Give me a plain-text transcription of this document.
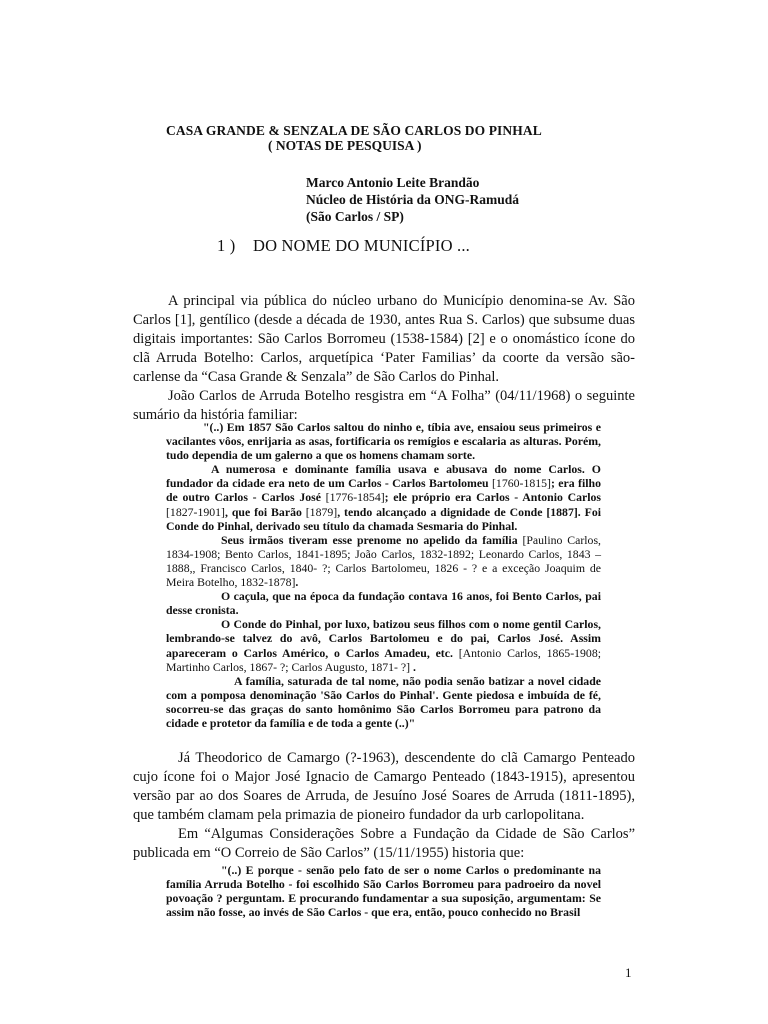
CASA GRANDE & SENZALA DE SÃO CARLOS DO PINHAL
( NOTAS DE PESQUISA )
Marco Antonio Leite Brandão
Núcleo de História da ONG-Ramudá
(São Carlos / SP)
1 ) DO NOME DO MUNICÍPIO ...

A principal via pública do núcleo urbano do Município denomina-se Av. São Carlos [1], gentílico (desde a década de 1930, antes Rua S. Carlos) que subsume duas digitais importantes: São Carlos Borromeu (1538-1584) [2] e o onomástico ícone do clã Arruda Botelho: Carlos, arquetípica ‘Pater Familias’ da coorte da versão são-carlense da “Casa Grande & Senzala” de São Carlos do Pinhal.

João Carlos de Arruda Botelho resgistra em “A Folha” (04/11/1968) o seguinte sumário da história familiar:

"(..) Em 1857 São Carlos saltou do ninho e, tíbia ave, ensaiou seus primeiros e vacilantes vôos, enrijaria as asas, fortificaria os remígios e escalaria as alturas. Porém, tudo dependia de um galerno a que os homens chamam sorte.

A numerosa e dominante família usava e abusava do nome Carlos. O fundador da cidade era neto de um Carlos - Carlos Bartolomeu [1760-1815]; era filho de outro Carlos - Carlos José [1776-1854]; ele próprio era Carlos - Antonio Carlos [1827-1901], que foi Barão [1879], tendo alcançado a dignidade de Conde [1887]. Foi Conde do Pinhal, derivado seu título da chamada Sesmaria do Pinhal.

Seus irmãos tiveram esse prenome no apelido da família [Paulino Carlos, 1834-1908; Bento Carlos, 1841-1895; João Carlos, 1832-1892; Leonardo Carlos, 1843 – 1888,, Francisco Carlos, 1840- ?; Carlos Bartolomeu, 1826 - ? e a exceção Joaquim de Meira Botelho, 1832-1878].

O caçula, que na época da fundação contava 16 anos, foi Bento Carlos, pai desse cronista.

O Conde do Pinhal, por luxo, batizou seus filhos com o nome gentil Carlos, lembrando-se talvez do avô, Carlos Bartolomeu e do pai, Carlos José. Assim apareceram o Carlos Américo, o Carlos Amadeu, etc. [Antonio Carlos, 1865-1908; Martinho Carlos, 1867- ?; Carlos Augusto, 1871- ?] .

A família, saturada de tal nome, não podia senão batizar a novel cidade com a pomposa denominação 'São Carlos do Pinhal'. Gente piedosa e imbuída de fé, socorreu-se das graças do santo homônimo São Carlos Borromeu para patrono da cidade e protetor da família e de toda a gente (..)"

Já Theodorico de Camargo (?-1963), descendente do clã Camargo Penteado cujo ícone foi o Major José Ignacio de Camargo Penteado (1843-1915), apresentou versão par ao dos Soares de Arruda, de Jesuíno José Soares de Arruda (1811-1895), que também clamam pela primazia de pioneiro fundador da urb carlopolitana.

Em “Algumas Considerações Sobre a Fundação da Cidade de São Carlos” publicada em “O Correio de São Carlos” (15/11/1955) historia que:

"(..) E porque - senão pelo fato de ser o nome Carlos o predominante na família Arruda Botelho - foi escolhido São Carlos Borromeu para padroeiro da novel povoação ? perguntam. E procurando fundamentar a sua suposição, argumentam: Se assim não fosse, ao invés de São Carlos - que era, então, pouco conhecido no Brasil

1
